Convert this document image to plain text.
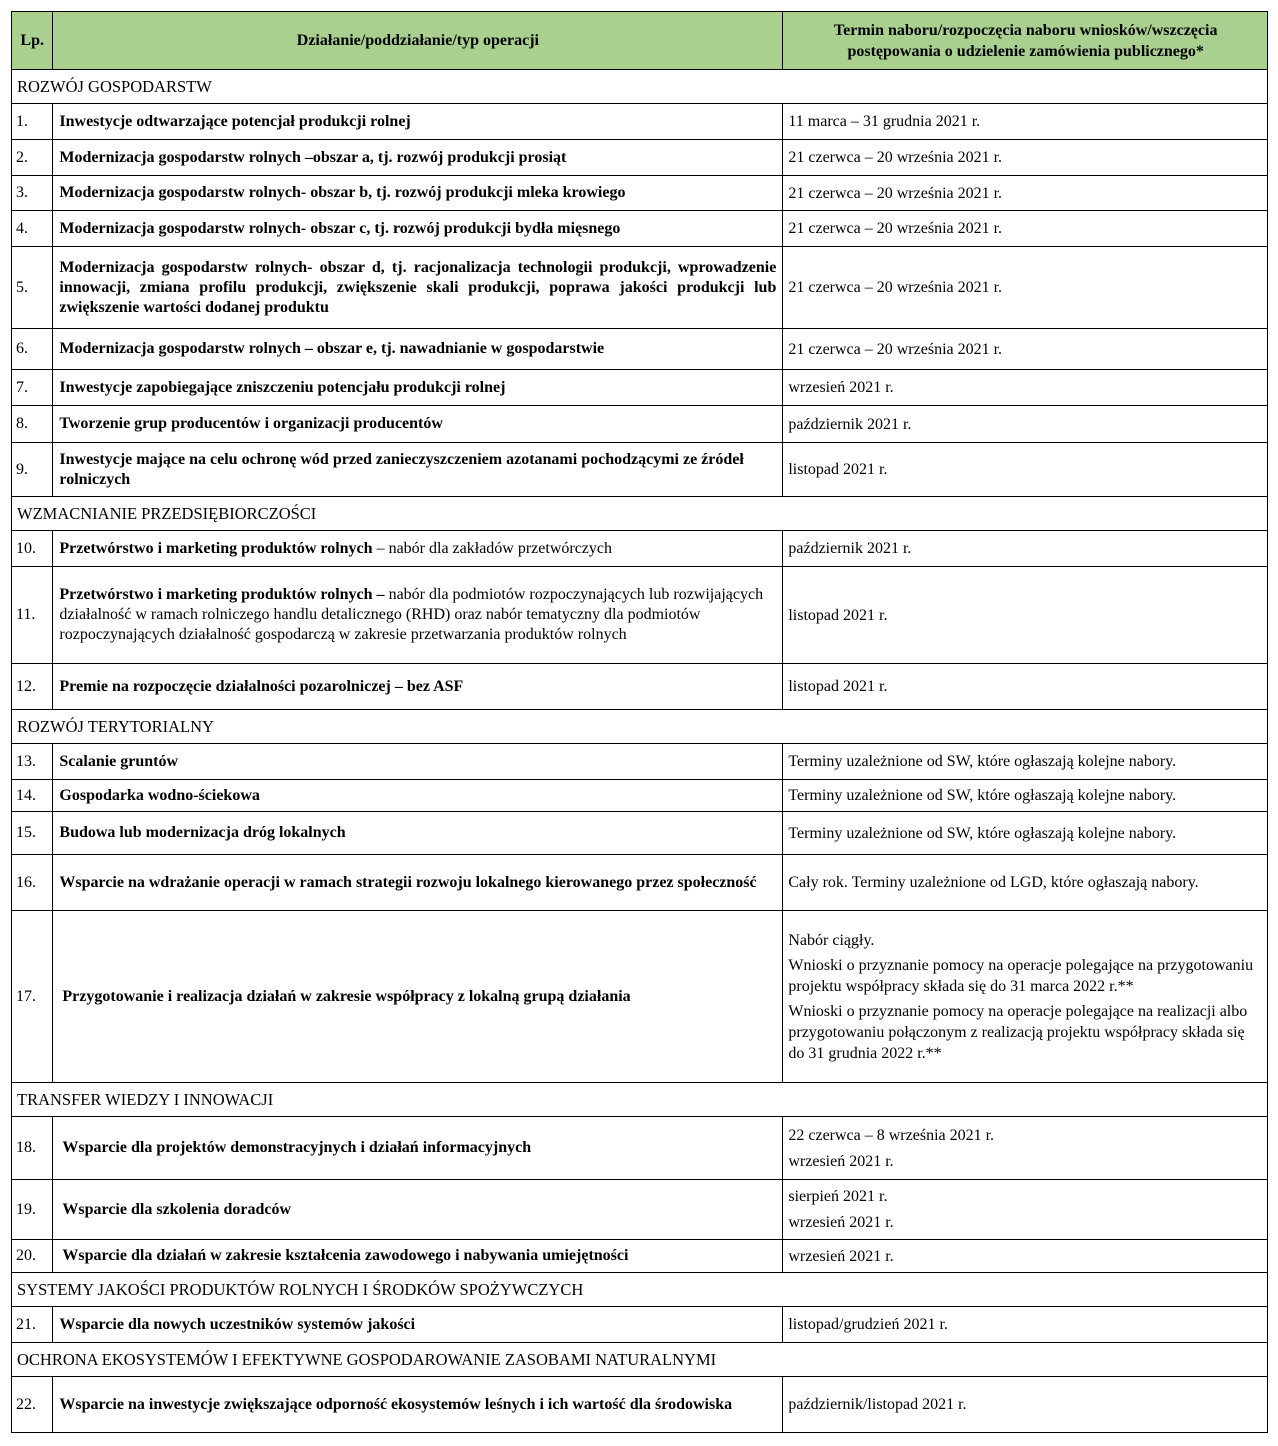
Lp.	Działanie/poddziałanie/typ operacji	Termin naboru/rozpoczęcia naboru wniosków/wszczęcia postępowania o udzielenie zamówienia publicznego*
ROZWÓJ GOSPODARSTW		
1.	Inwestycje odtwarzające potencjał produkcji rolnej	11 marca – 31 grudnia 2021 r.

2.	Modernizacja gospodarstw rolnych –obszar a, tj. rozwój produkcji prosiąt	21 czerwca – 20 września 2021 r.

3.	Modernizacja gospodarstw rolnych- obszar b, tj. rozwój produkcji mleka krowiego	21 czerwca – 20 września 2021 r.

4.	Modernizacja gospodarstw rolnych- obszar c, tj. rozwój produkcji bydła mięsnego	21 czerwca – 20 września 2021 r.

5.	Modernizacja gospodarstw rolnych- obszar d, tj. racjonalizacja technologii produkcji, wprowadzenie innowacji, zmiana profilu produkcji, zwiększenie skali produkcji, poprawa jakości produkcji lub zwiększenie wartości dodanej produktu	21 czerwca – 20 września 2021 r.

6.	Modernizacja gospodarstw rolnych – obszar e, tj. nawadnianie w gospodarstwie	21 czerwca – 20 września 2021 r.

7.	Inwestycje zapobiegające zniszczeniu potencjału produkcji rolnej	wrzesień 2021 r.

8.	Tworzenie grup producentów i organizacji producentów	październik 2021 r.

9.	Inwestycje mające na celu ochronę wód przed zanieczyszczeniem azotanami pochodzącymi ze źródeł rolniczych	listopad 2021 r.

WZMACNIANIE PRZEDSIĘBIORCZOŚCI		
10.	Przetwórstwo i marketing produktów rolnych – nabór dla zakładów przetwórczych	październik 2021 r.

11.	Przetwórstwo i marketing produktów rolnych – nabór dla podmiotów rozpoczynających lub rozwijających działalność w ramach rolniczego handlu detalicznego (RHD) oraz nabór tematyczny dla podmiotów rozpoczynających działalność gospodarczą w zakresie przetwarzania produktów rolnych	listopad 2021 r.

12.	Premie na rozpoczęcie działalności pozarolniczej – bez ASF	listopad 2021 r.

ROZWÓJ TERYTORIALNY		
13.	Scalanie gruntów	Terminy uzależnione od SW, które ogłaszają kolejne nabory.

14.	Gospodarka wodno-ściekowa	Terminy uzależnione od SW, które ogłaszają kolejne nabory.

15.	Budowa lub modernizacja dróg lokalnych	Terminy uzależnione od SW, które ogłaszają kolejne nabory.

16.	Wsparcie na wdrażanie operacji w ramach strategii rozwoju lokalnego kierowanego przez społeczność	Cały rok. Terminy uzależnione od LGD, które ogłaszają nabory.

17.	Przygotowanie i realizacja działań w zakresie współpracy z lokalną grupą działania	Nabór ciągły.

Wnioski o przyznanie pomocy na operacje polegające na przygotowaniu projektu współpracy składa się do 31 marca 2022 r.**

Wnioski o przyznanie pomocy na operacje polegające na realizacji albo przygotowaniu połączonym z realizacją projektu współpracy składa się do 31 grudnia 2022 r.**

TRANSFER WIEDZY I INNOWACJI		
18.	Wsparcie dla projektów demonstracyjnych i działań informacyjnych	22 czerwca – 8 września 2021 r.

wrzesień 2021 r.

19.	Wsparcie dla szkolenia doradców	sierpień 2021 r.

wrzesień 2021 r.

20.	Wsparcie dla działań w zakresie kształcenia zawodowego i nabywania umiejętności	wrzesień 2021 r.

SYSTEMY JAKOŚCI PRODUKTÓW ROLNYCH I ŚRODKÓW SPOŻYWCZYCH		
21.	Wsparcie dla nowych uczestników systemów jakości	listopad/grudzień 2021 r.

OCHRONA EKOSYSTEMÓW I EFEKTYWNE GOSPODAROWANIE ZASOBAMI NATURALNYMI		
22.	Wsparcie na inwestycje zwiększające odporność ekosystemów leśnych i ich wartość dla środowiska	październik/listopad 2021 r.
